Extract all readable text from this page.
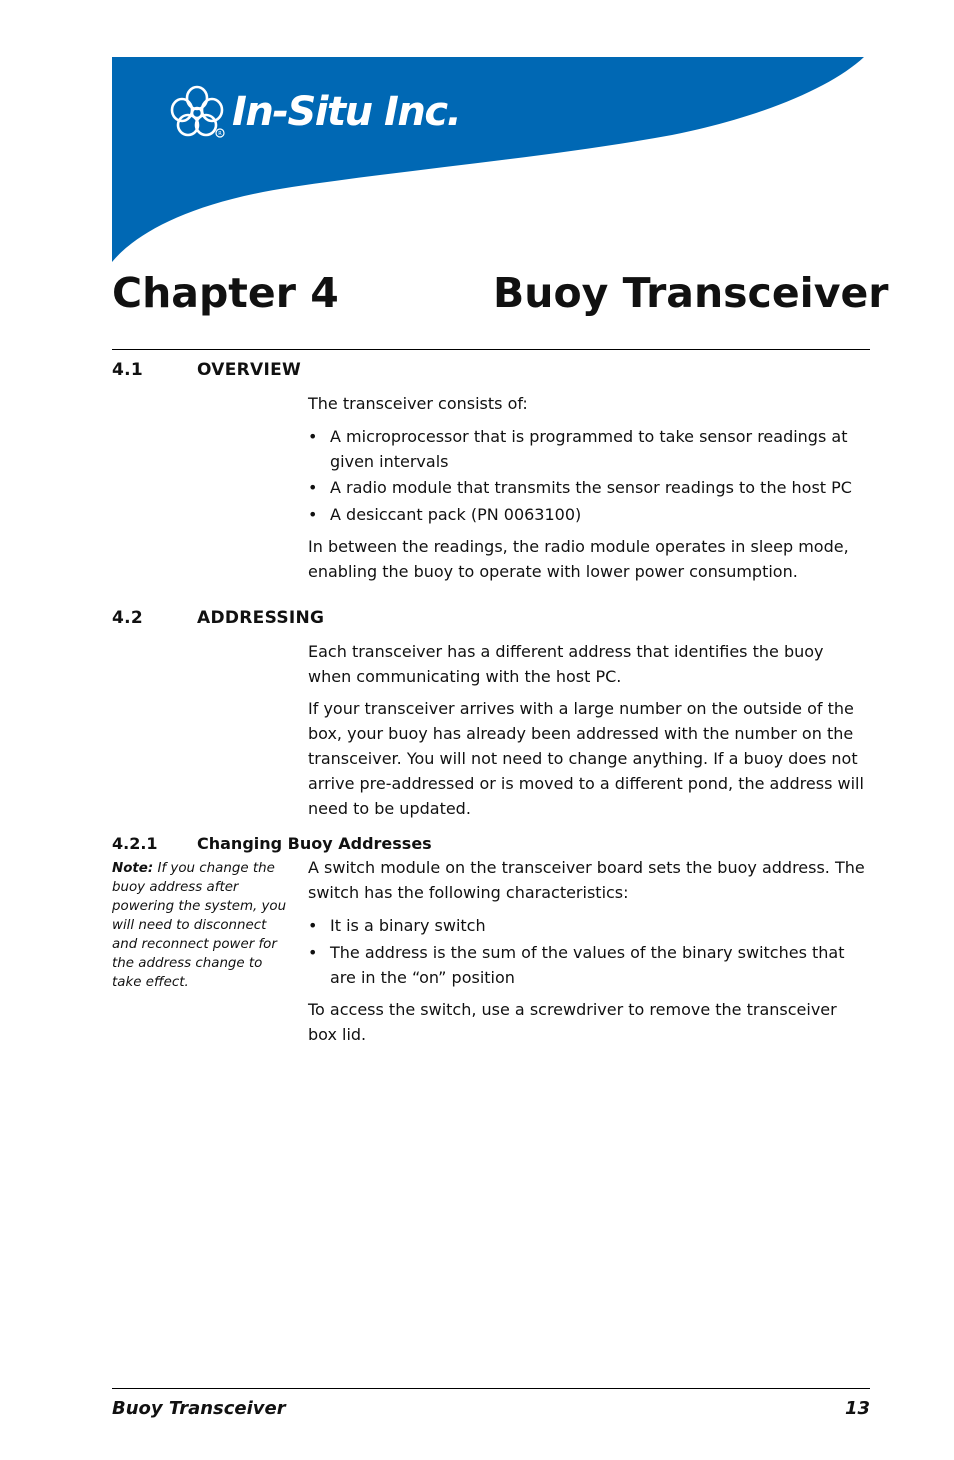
R In-Situ Inc.
Chapter 4	Buoy Transceiver
4.1	OVERVIEW

The transceiver consists of:

• A microprocessor that is programmed to take sensor readings at given intervals
• A radio module that transmits the sensor readings to the host PC
• A desiccant pack (PN 0063100)

In between the readings, the radio module operates in sleep mode, enabling the buoy to operate with lower power consumption.

4.2	ADDRESSING

Each transceiver has a different address that identifies the buoy when communicating with the host PC.

If your transceiver arrives with a large number on the outside of the box, your buoy has already been addressed with the number on the transceiver. You will not need to change anything. If a buoy does not arrive pre-addressed or is moved to a different pond, the address will need to be updated.

4.2.1 Changing Buoy Addresses
Note: If you change the buoy address after powering the system, you will need to disconnect and reconnect power for the address change to take effect.

A switch module on the transceiver board sets the buoy address. The switch has the following characteristics:

• It is a binary switch
• The address is the sum of the values of the binary switches that are in the “on” position

To access the switch, use a screwdriver to remove the transceiver box lid.

Buoy Transceiver	13
